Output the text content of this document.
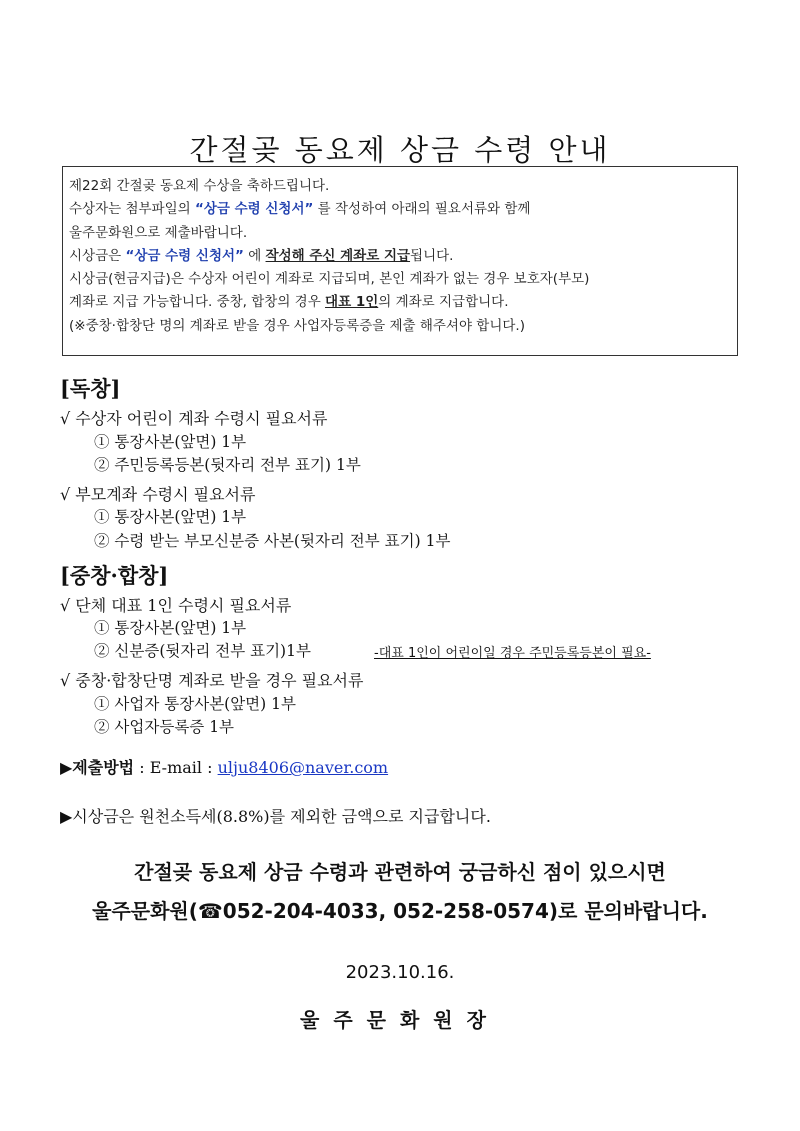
간절곶 동요제 상금 수령 안내
제22회 간절곶 동요제 수상을 축하드립니다.
수상자는 첨부파일의 “상금 수령 신청서” 를 작성하여 아래의 필요서류와 함께
울주문화원으로 제출바랍니다.
시상금은 “상금 수령 신청서” 에 작성해 주신 계좌로 지급됩니다.
시상금(현금지급)은 수상자 어린이 계좌로 지급되며, 본인 계좌가 없는 경우 보호자(부모)
계좌로 지급 가능합니다. 중창, 합창의 경우 대표 1인의 계좌로 지급합니다.
(※중창·합창단 명의 계좌로 받을 경우 사업자등록증을 제출 해주셔야 합니다.)
[독창]
√ 수상자 어린이 계좌 수령시 필요서류
① 통장사본(앞면) 1부
② 주민등록등본(뒷자리 전부 표기) 1부
√ 부모계좌 수령시 필요서류
① 통장사본(앞면) 1부
② 수령 받는 부모신분증 사본(뒷자리 전부 표기) 1부
[중창·합창]
√ 단체 대표 1인 수령시 필요서류
① 통장사본(앞면) 1부
② 신분증(뒷자리 전부 표기)1부	-대표 1인이 어린이일 경우 주민등록등본이 필요-
√ 중창·합창단명 계좌로 받을 경우 필요서류
① 사업자 통장사본(앞면) 1부
② 사업자등록증 1부
▶제출방법 : E-mail : ulju8406@naver.com
▶시상금은 원천소득세(8.8%)를 제외한 금액으로 지급합니다.
간절곶 동요제 상금 수령과 관련하여 궁금하신 점이 있으시면
울주문화원(☎052-204-4033, 052-258-0574)로 문의바랍니다.
2023.10.16.
울주문화원장
